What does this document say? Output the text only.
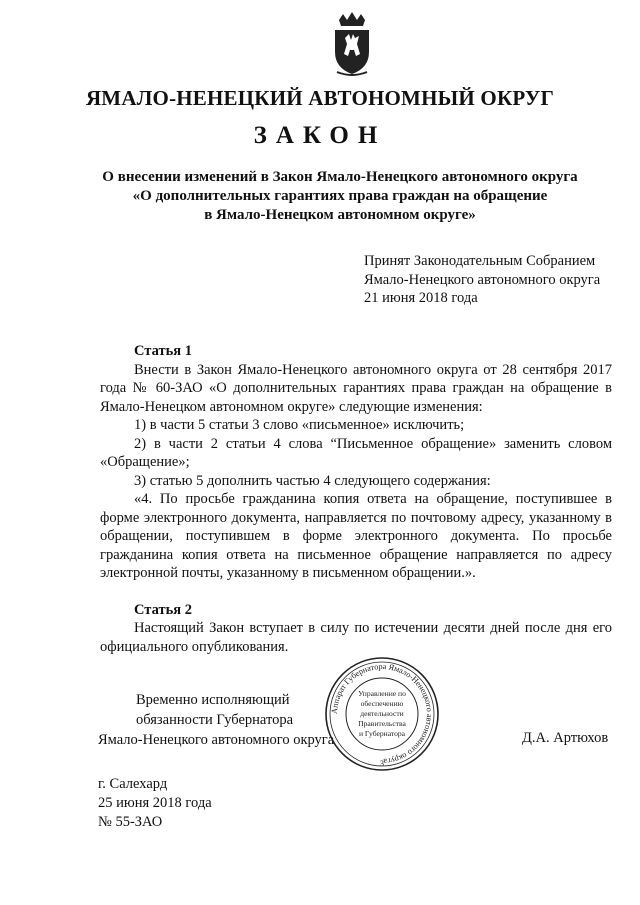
ЯМАЛО-НЕНЕЦКИЙ АВТОНОМНЫЙ ОКРУГ
ЗАКОН
О внесении изменений в Закон Ямало-Ненецкого автономного округа
«О дополнительных гарантиях права граждан на обращение
в Ямало-Ненецком автономном округе»
Принят Законодательным Собранием
Ямало-Ненецкого автономного округа
21 июня 2018 года
Статья 1

Внести в Закон Ямало-Ненецкого автономного округа от 28 сентября 2017 года № 60-ЗАО «О дополнительных гарантиях права граждан на обращение в Ямало-Ненецком автономном округе» следующие изменения:

1) в части 5 статьи 3 слово «письменное» исключить;

2) в части 2 статьи 4 слова “Письменное обращение» заменить словом «Обращение»;

3) статью 5 дополнить частью 4 следующего содержания:

«4. По просьбе гражданина копия ответа на обращение, поступившее в форме электронного документа, направляется по почтовому адресу, указанному в обращении, поступившем в форме электронного документа. По просьбе гражданина копия ответа на письменное обращение направляется по адресу электронной почты, указанному в письменном обращении.».

Статья 2

Настоящий Закон вступает в силу по истечении десяти дней после дня его официального опубликования.

Временно исполняющий
обязанности Губернатора
Ямало-Ненецкого автономного округа
Аппарат Губернатора Ямало-Ненецкого автономного округа
Управление по
обеспечению
деятельности
Правительства
и Губернатора
3
Д.А. Артюхов
г. Салехард
25 июня 2018 года
№ 55-ЗАО
